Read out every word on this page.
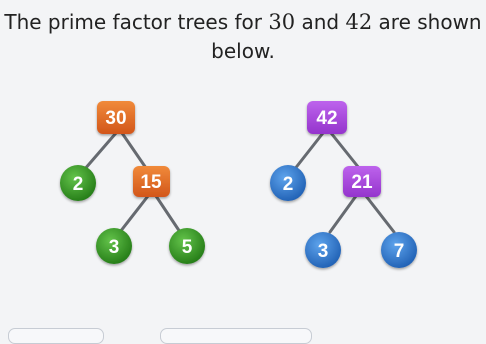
The prime factor trees for 30 and 42 are shown
below.
30
2	15
3	5
42
2	21
3	7
